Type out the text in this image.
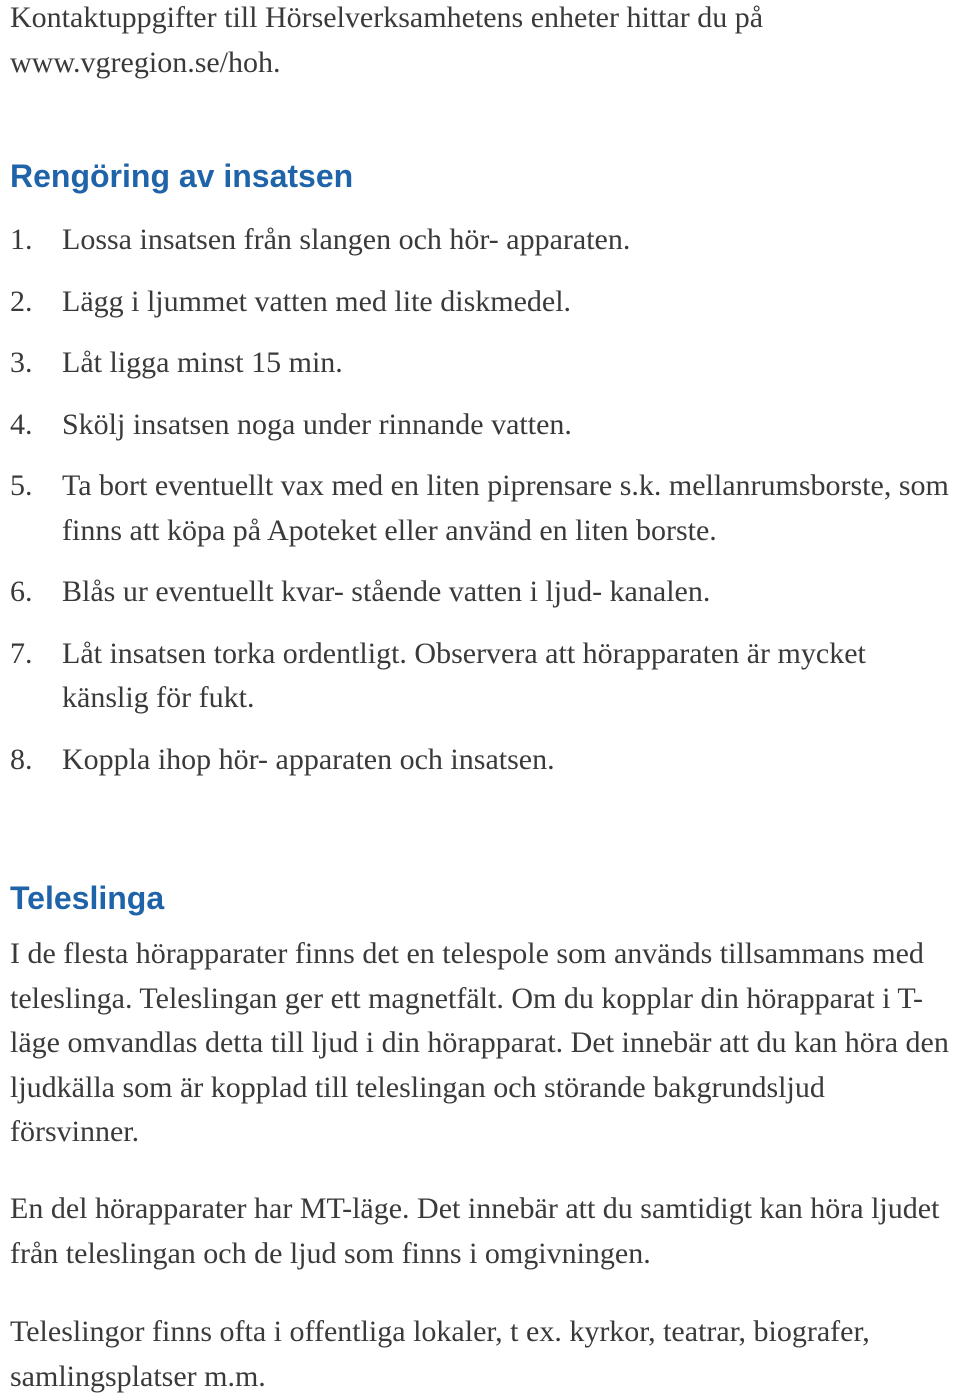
Kontaktuppgifter till Hörselverksamhetens enheter hittar du på www.vgregion.se/hoh.

Rengöring av insatsen
1. Lossa insatsen från slangen och hör- apparaten.
2. Lägg i ljummet vatten med lite diskmedel.
3. Låt ligga minst 15 min.
4. Skölj insatsen noga under rinnande vatten.
5. Ta bort eventuellt vax med en liten piprensare s.k. mellanrumsborste, som finns att köpa på Apoteket eller använd en liten borste.
6. Blås ur eventuellt kvar- stående vatten i ljud- kanalen.
7. Låt insatsen torka ordentligt. Observera att hörapparaten är mycket känslig för fukt.
8. Koppla ihop hör- apparaten och insatsen.
Teleslinga

I de flesta hörapparater finns det en telespole som används tillsammans med teleslinga. Teleslingan ger ett magnetfält. Om du kopplar din hörapparat i T-läge omvandlas detta till ljud i din hörapparat. Det innebär att du kan höra den ljudkälla som är kopplad till teleslingan och störande bakgrundsljud försvinner.

En del hörapparater har MT-läge. Det innebär att du samtidigt kan höra ljudet från teleslingan och de ljud som finns i omgivningen.

Teleslingor finns ofta i offentliga lokaler, t ex. kyrkor, teatrar, biografer, samlingsplatser m.m.
